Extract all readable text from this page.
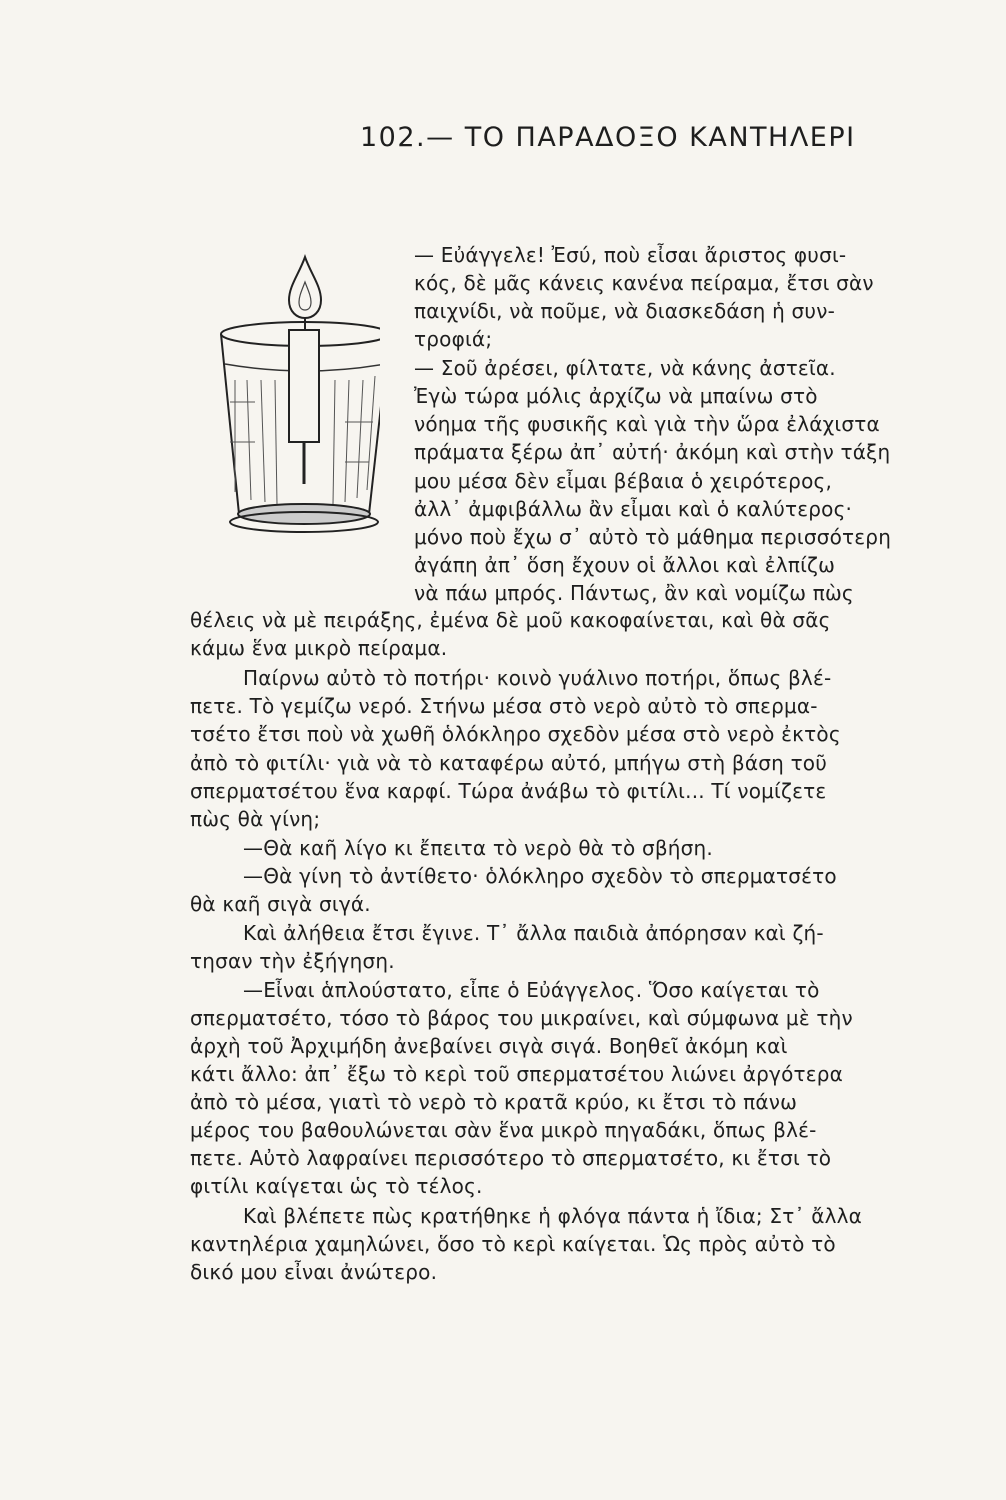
102.— ΤΟ ΠΑΡΑΔΟΞΟ ΚΑΝΤΗΛΕΡΙ
— Εὐάγγελε! Ἐσύ, ποὺ εἶσαι ἄριστος φυσι-
κός, δὲ μᾶς κάνεις κανένα πείραμα, ἔτσι σὰν
παιχνίδι, νὰ ποῦμε, νὰ διασκεδάση ἡ συν-
τροφιά;
— Σοῦ ἀρέσει, φίλτατε, νὰ κάνης ἀστεῖα.
Ἐγὼ τώρα μόλις ἀρχίζω νὰ μπαίνω στὸ
νόημα τῆς φυσικῆς καὶ γιὰ τὴν ὥρα ἐλάχιστα
πράματα ξέρω ἀπ᾽ αὐτή· ἀκόμη καὶ στὴν τάξη
μου μέσα δὲν εἶμαι βέβαια ὁ χειρότερος,
ἀλλ᾽ ἀμφιβάλλω ἂν εἶμαι καὶ ὁ καλύτερος·
μόνο ποὺ ἔχω σ᾽ αὐτὸ τὸ μάθημα περισσότερη
ἀγάπη ἀπ᾽ ὅση ἔχουν οἱ ἄλλοι καὶ ἐλπίζω
νὰ πάω μπρός. Πάντως, ἂν καὶ νομίζω πὼς
θέλεις νὰ μὲ πειράξης, ἐμένα δὲ μοῦ κακοφαίνεται, καὶ θὰ σᾶς
κάμω ἕνα μικρὸ πείραμα.
Παίρνω αὐτὸ τὸ ποτήρι· κοινὸ γυάλινο ποτήρι, ὅπως βλέ-
πετε. Τὸ γεμίζω νερό. Στήνω μέσα στὸ νερὸ αὐτὸ τὸ σπερμα-
τσέτο ἔτσι ποὺ νὰ χωθῆ ὁλόκληρο σχεδὸν μέσα στὸ νερὸ ἐκτὸς
ἀπὸ τὸ φιτίλι· γιὰ νὰ τὸ καταφέρω αὐτό, μπήγω στὴ βάση τοῦ
σπερματσέτου ἕνα καρφί. Τώρα ἀνάβω τὸ φιτίλι... Τί νομίζετε
πὼς θὰ γίνη;
—Θὰ καῆ λίγο κι ἔπειτα τὸ νερὸ θὰ τὸ σβήση.
—Θὰ γίνη τὸ ἀντίθετο· ὁλόκληρο σχεδὸν τὸ σπερματσέτο
θὰ καῆ σιγὰ σιγά.
Καὶ ἀλήθεια ἔτσι ἔγινε. Τ᾽ ἄλλα παιδιὰ ἀπόρησαν καὶ ζή-
τησαν τὴν ἐξήγηση.
—Εἶναι ἁπλούστατο, εἶπε ὁ Εὐάγγελος. Ὅσο καίγεται τὸ
σπερματσέτο, τόσο τὸ βάρος του μικραίνει, καὶ σύμφωνα μὲ τὴν
ἀρχὴ τοῦ Ἀρχιμήδη ἀνεβαίνει σιγὰ σιγά. Βοηθεῖ ἀκόμη καὶ
κάτι ἄλλο: ἀπ᾽ ἔξω τὸ κερὶ τοῦ σπερματσέτου λιώνει ἀργότερα
ἀπὸ τὸ μέσα, γιατὶ τὸ νερὸ τὸ κρατᾶ κρύο, κι ἔτσι τὸ πάνω
μέρος του βαθουλώνεται σὰν ἕνα μικρὸ πηγαδάκι, ὅπως βλέ-
πετε. Αὐτὸ λαφραίνει περισσότερο τὸ σπερματσέτο, κι ἔτσι τὸ
φιτίλι καίγεται ὡς τὸ τέλος.
Καὶ βλέπετε πὼς κρατήθηκε ἡ φλόγα πάντα ἡ ἴδια; Στ᾽ ἄλλα
καντηλέρια χαμηλώνει, ὅσο τὸ κερὶ καίγεται. Ὡς πρὸς αὐτὸ τὸ
δικό μου εἶναι ἀνώτερο.
